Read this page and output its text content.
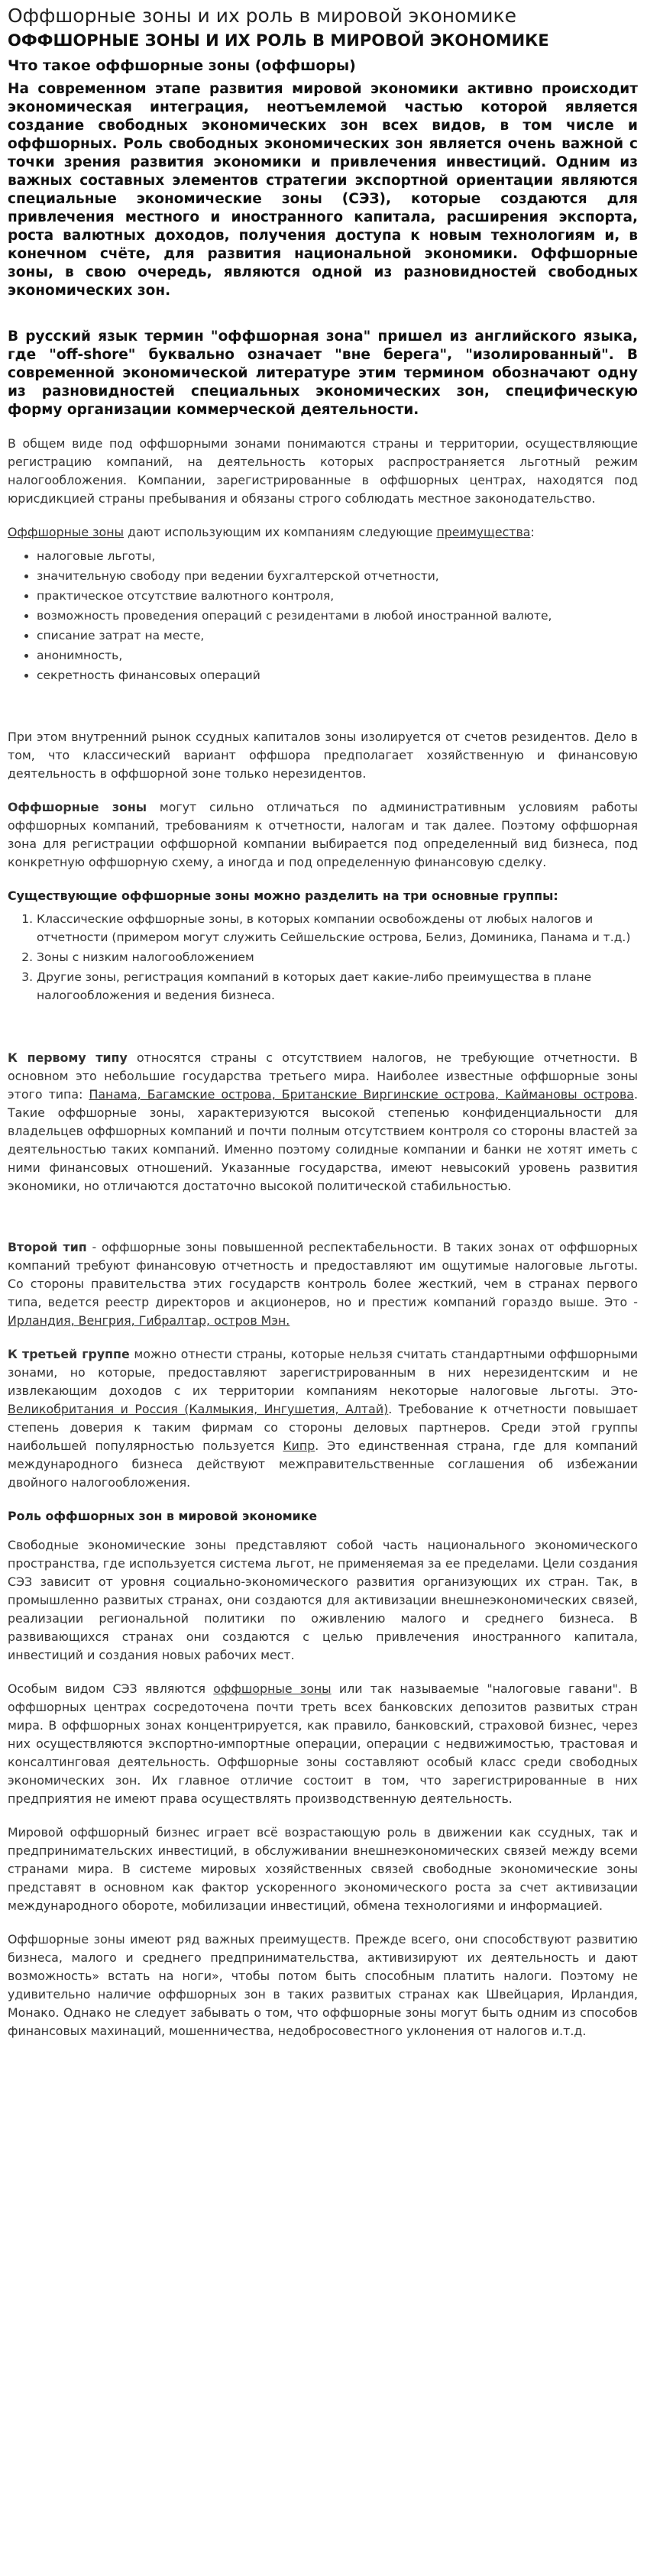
Оффшорные зоны и их роль в мировой экономике
ОФФШОРНЫЕ ЗОНЫ И ИХ РОЛЬ В МИРОВОЙ ЭКОНОМИКЕ
Что такое оффшорные зоны (оффшоры)

На современном этапе развития мировой экономики активно происходит экономическая интеграция, неотъемлемой частью которой является создание свободных экономических зон всех видов, в том числе и оффшорных. Роль свободных экономических зон является очень важной с точки зрения развития экономики и привлечения инвестиций. Одним из важных составных элементов стратегии экспортной ориентации являются специальные экономические зоны (СЭЗ), которые создаются для привлечения местного и иностранного капитала, расширения экспорта, роста валютных доходов, получения доступа к новым технологиям и, в конечном счёте, для развития национальной экономики. Оффшорные зоны, в свою очередь, являются одной из разновидностей свободных экономических зон.

В русский язык термин "оффшорная зона" пришел из английского языка, где "off-shore" буквально означает "вне берега", "изолированный". В современной экономической литературе этим термином обозначают одну из разновидностей специальных экономических зон, специфическую форму организации коммерческой деятельности.

В общем виде под оффшорными зонами понимаются страны и территории, осуществляющие регистрацию компаний, на деятельность которых распространяется льготный режим налогообложения. Компании, зарегистрированные в оффшорных центрах, находятся под юрисдикцией страны пребывания и обязаны строго соблюдать местное законодательство.

Оффшорные зоны дают использующим их компаниям следующие преимущества:

• налоговые льготы,
• значительную свободу при ведении бухгалтерской отчетности,
• практическое отсутствие валютного контроля,
• возможность проведения операций с резидентами в любой иностранной валюте,
• списание затрат на месте,
• анонимность,
• секретность финансовых операций

При этом внутренний рынок ссудных капиталов зоны изолируется от счетов резидентов. Дело в том, что классический вариант оффшора предполагает хозяйственную и финансовую деятельность в оффшорной зоне только нерезидентов.

Оффшорные зоны могут сильно отличаться по административным условиям работы оффшорных компаний, требованиям к отчетности, налогам и так далее. Поэтому оффшорная зона для регистрации оффшорной компании выбирается под определенный вид бизнеса, под конкретную оффшорную схему, а иногда и под определенную финансовую сделку.

Существующие оффшорные зоны можно разделить на три основные группы:

1. Классические оффшорные зоны, в которых компании освобождены от любых налогов и отчетности (примером могут служить Сейшельские острова, Белиз, Доминика, Панама и т.д.)
2. Зоны с низким налогообложением
3. Другие зоны, регистрация компаний в которых дает какие-либо преимущества в плане налогообложения и ведения бизнеса.

К первому типу относятся страны с отсутствием налогов, не требующие отчетности. В основном это небольшие государства третьего мира. Наиболее известные оффшорные зоны этого типа: Панама, Багамские острова, Британские Виргинские острова, Каймановы острова. Такие оффшорные зоны, характеризуются высокой степенью конфиденциальности для владельцев оффшорных компаний и почти полным отсутствием контроля со стороны властей за деятельностью таких компаний. Именно поэтому солидные компании и банки не хотят иметь с ними финансовых отношений. Указанные государства, имеют невысокий уровень развития экономики, но отличаются достаточно высокой политической стабильностью.

Второй тип - оффшорные зоны повышенной респектабельности. В таких зонах от оффшорных компаний требуют финансовую отчетность и предоставляют им ощутимые налоговые льготы. Со стороны правительства этих государств контроль более жесткий, чем в странах первого типа, ведется реестр директоров и акционеров, но и престиж компаний гораздо выше. Это - Ирландия, Венгрия, Гибралтар, остров Мэн.

К третьей группе можно отнести страны, которые нельзя считать стандартными оффшорными зонами, но которые, предоставляют зарегистрированным в них нерезидентским и не извлекающим доходов с их территории компаниям некоторые налоговые льготы. Это- Великобритания и Россия (Калмыкия, Ингушетия, Алтай). Требование к отчетности повышает степень доверия к таким фирмам со стороны деловых партнеров. Среди этой группы наибольшей популярностью пользуется Кипр. Это единственная страна, где для компаний международного бизнеса действуют межправительственные соглашения об избежании двойного налогообложения.

Роль оффшорных зон в мировой экономике

Свободные экономические зоны представляют собой часть национального экономического пространства, где используется система льгот, не применяемая за ее пределами. Цели создания СЭЗ зависит от уровня социально-экономического развития организующих их стран. Так, в промышленно развитых странах, они создаются для активизации внешнеэкономических связей, реализации региональной политики по оживлению малого и среднего бизнеса. В развивающихся странах они создаются с целью привлечения иностранного капитала, инвестиций и создания новых рабочих мест.

Особым видом СЭЗ являются оффшорные зоны или так называемые "налоговые гавани". В оффшорных центрах сосредоточена почти треть всех банковских депозитов развитых стран мира. В оффшорных зонах концентрируется, как правило, банковский, страховой бизнес, через них осуществляются экспортно-импортные операции, операции с недвижимостью, трастовая и консалтинговая деятельность. Оффшорные зоны составляют особый класс среди свободных экономических зон. Их главное отличие состоит в том, что зарегистрированные в них предприятия не имеют права осуществлять производственную деятельность.

Мировой оффшорный бизнес играет всё возрастающую роль в движении как ссудных, так и предпринимательских инвестиций, в обслуживании внешнеэкономических связей между всеми странами мира. В системе мировых хозяйственных связей свободные экономические зоны представят в основном как фактор ускоренного экономического роста за счет активизации международного обороте, мобилизации инвестиций, обмена технологиями и информацией.

Оффшорные зоны имеют ряд важных преимуществ. Прежде всего, они способствуют развитию бизнеса, малого и среднего предпринимательства, активизируют их деятельность и дают возможность» встать на ноги», чтобы потом быть способным платить налоги. Поэтому не удивительно наличие оффшорных зон в таких развитых странах как Швейцария, Ирландия, Монако. Однако не следует забывать о том, что оффшорные зоны могут быть одним из способов финансовых махинаций, мошенничества, недобросовестного уклонения от налогов и.т.д.
